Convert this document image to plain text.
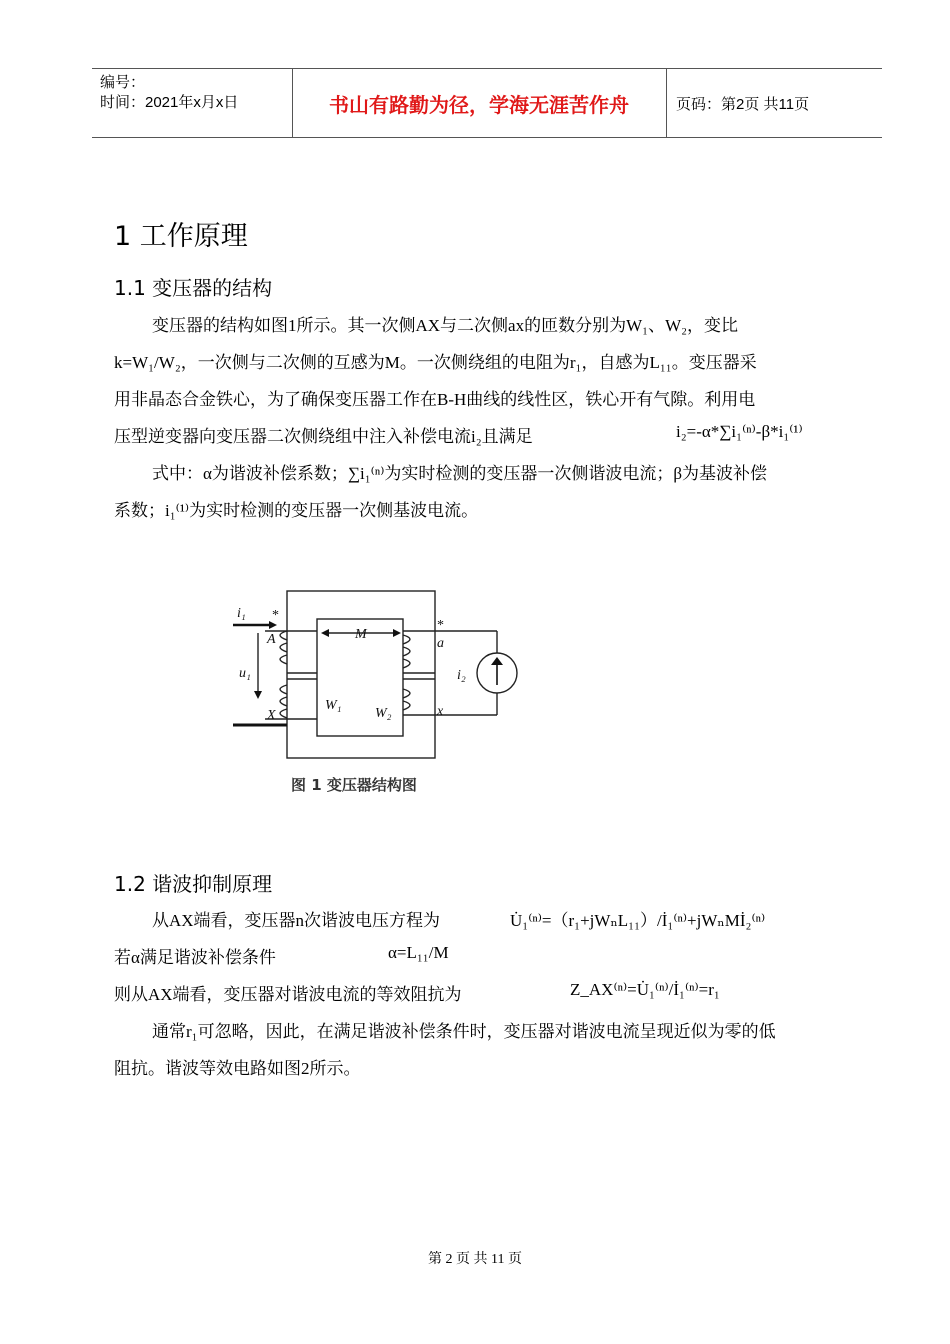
编号：
时间：2021年x月x日	书山有路勤为径，学海无涯苦作舟	页码：第2页 共11页
1 工作原理
1.1 变压器的结构
变压器的结构如图1所示。其一次侧AX与二次侧ax的匝数分别为W₁、W₂，变比
k=W₁/W₂，一次侧与二次侧的互感为M。一次侧绕组的电阻为r₁，自感为L₁₁。变压器采
用非晶态合金铁心，为了确保变压器工作在B-H曲线的线性区，铁心开有气隙。利用电
压型逆变器向变压器二次侧绕组中注入补偿电流i₂且满足	i₂=-α*∑i₁⁽ⁿ⁾-β*i₁⁽¹⁾
式中：α为谐波补偿系数；∑i₁⁽ⁿ⁾为实时检测的变压器一次侧谐波电流；β为基波补偿
系数；i₁⁽¹⁾为实时检测的变压器一次侧基波电流。
i₁ *
A
u₁
X
M
W₁
W₂
*
a
x
i₂
图 1 变压器结构图
1.2 谐波抑制原理
从AX端看，变压器n次谐波电压方程为	U̇₁⁽ⁿ⁾=（r₁+jWₙL₁₁）/İ₁⁽ⁿ⁾+jWₙMİ₂⁽ⁿ⁾
若α满足谐波补偿条件	α=L₁₁/M
则从AX端看，变压器对谐波电流的等效阻抗为	Z_AX⁽ⁿ⁾=U̇₁⁽ⁿ⁾/İ₁⁽ⁿ⁾=r₁
通常r₁可忽略，因此，在满足谐波补偿条件时，变压器对谐波电流呈现近似为零的低
阻抗。谐波等效电路如图2所示。
第 2 页 共 11 页
